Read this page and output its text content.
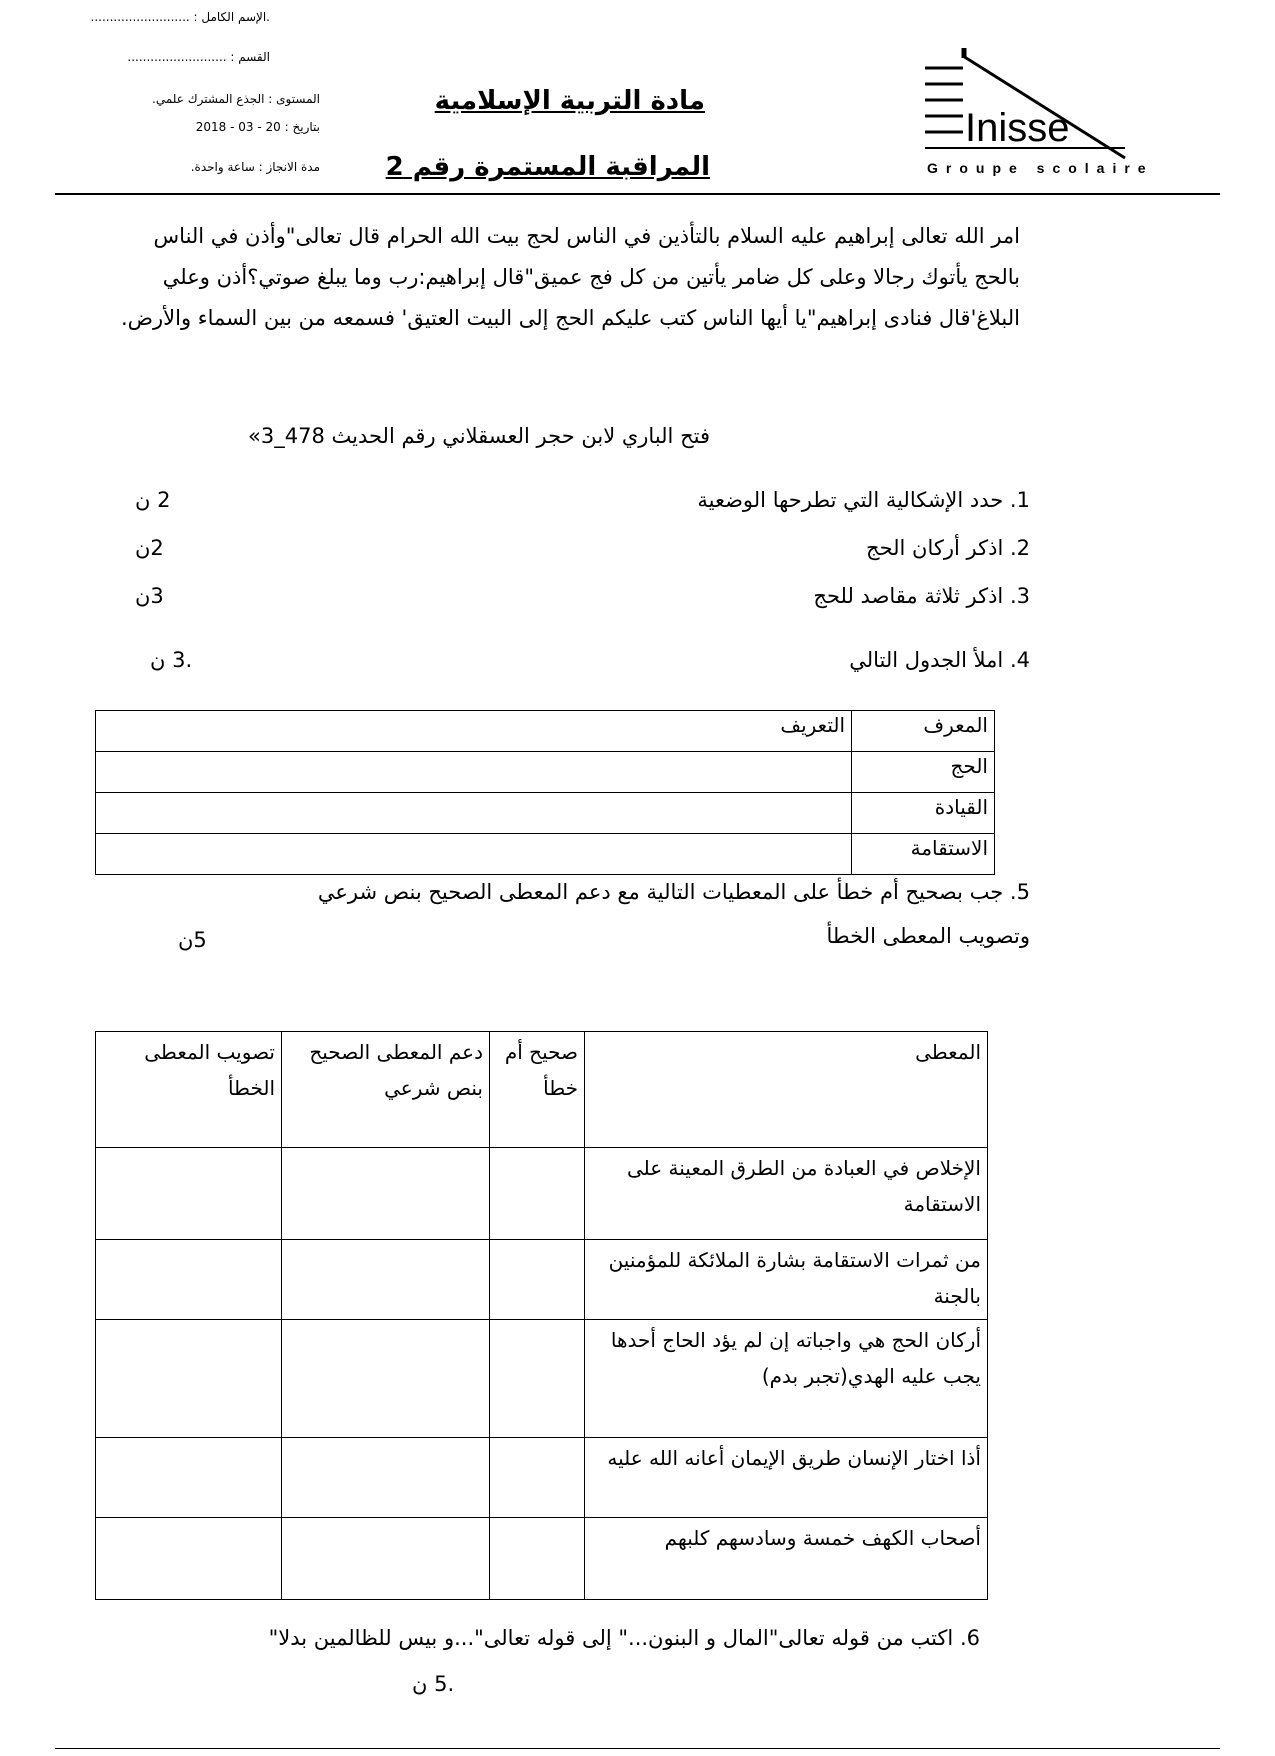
.الإسم الكامل : ..........................
القسم : ..........................
المستوى : الجذع المشترك علمي.
بتاريخ : 20 - 03 - 2018
مدة الانجاز : ساعة واحدة.
مادة التربية الإسلامية
المراقبة المستمرة رقم 2
Inisse
Groupe scolaire
امر الله تعالى إبراهيم عليه السلام بالتأذين في الناس لحج بيت الله الحرام قال تعالى"وأذن في الناس بالحج يأتوك رجالا وعلى كل ضامر يأتين من كل فج عميق"قال إبراهيم:رب وما يبلغ صوتي؟أذن وعلي البلاغ'قال فنادى إبراهيم"يا أيها الناس كتب عليكم الحج إلى البيت العتيق' فسمعه من بين السماء والأرض.
فتح الباري لابن حجر العسقلاني رقم الحديث 478_3»
1. حدد الإشكالية التي تطرحها الوضعية
2 ن
2. اذكر أركان الحج
2ن
3. اذكر ثلاثة مقاصد للحج
3ن
4. املأ الجدول التالي
.3 ن
المعرف	التعريف
الحج	
القيادة	
الاستقامة	
5. جب بصحيح أم خطأ على المعطيات التالية مع دعم المعطى الصحيح بنص شرعي
وتصويب المعطى الخطأ
5ن
المعطى	صحيح أم خطأ	دعم المعطى الصحيح بنص شرعي	تصويب المعطى الخطأ
الإخلاص في العبادة من الطرق المعينة على الاستقامة			
من ثمرات الاستقامة بشارة الملائكة للمؤمنين بالجنة			
أركان الحج هي واجباته إن لم يؤد الحاج أحدها يجب عليه الهدي(تجبر بدم)			
أذا اختار الإنسان طريق الإيمان أعانه الله عليه			
أصحاب الكهف خمسة وسادسهم كلبهم			
6. اكتب من قوله تعالى"المال و البنون..." إلى قوله تعالى"...و بيس للظالمين بدلا"
.5 ن
